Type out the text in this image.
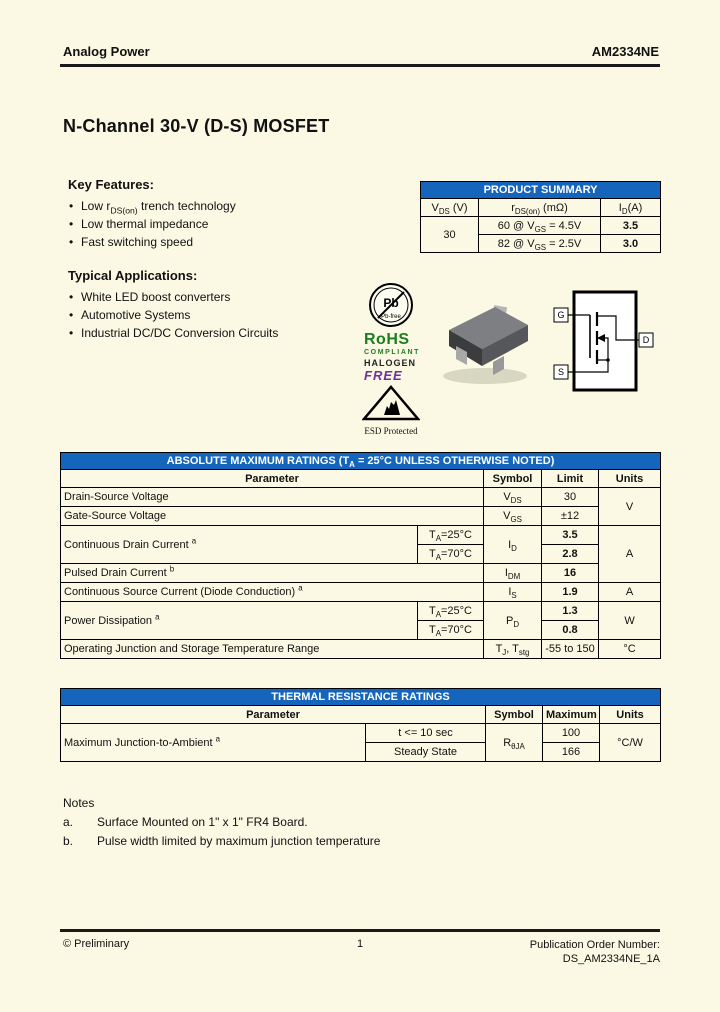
Analog Power	AM2334NE
N-Channel 30-V (D-S) MOSFET
Key Features:
• Low $r_{DS(on)}$ trench technology
• Low thermal impedance
• Fast switching speed
Typical Applications:
• White LED boost converters
• Automotive Systems
• Industrial DC/DC Conversion Circuits
PRODUCT SUMMARY		
$V_{DS}$ (V)	$r_{DS(on)}$ (mΩ)	$I_D(A)$
30	60 @ $V_{GS} = 4.5V$	3.5
	82 @ $V_{GS} = 2.5V$	3.0
Pb
Pb-free
RoHS
COMPLIANT
HALOGEN
FREE
ESD Protected
G
D
S
ABSOLUTE MAXIMUM RATINGS ($T_A = 25^\circ C$ UNLESS OTHERWISE NOTED)				
Parameter		Symbol	Limit	Units
Drain-Source Voltage		$V_{DS}$	30	V
Gate-Source Voltage		$V_{GS}$	±12	
Continuous Drain Current $^a$	$T_A=25^\circ C$	$I_D$	3.5	A
	$T_A=70^\circ C$		2.8	
Pulsed Drain Current $^b$		$I_{DM}$	16	
Continuous Source Current (Diode Conduction) $^a$		$I_S$	1.9	A
Power Dissipation $^a$	$T_A=25^\circ C$	$P_D$	1.3	W
	$T_A=70^\circ C$		0.8	
Operating Junction and Storage Temperature Range		$T_J$, $T_{stg}$	-55 to 150	°C
THERMAL RESISTANCE RATINGS				
Parameter		Symbol	Maximum	Units
Maximum Junction-to-Ambient $^a$	t <= 10 sec	$R_{\theta JA}$	100	°C/W
	Steady State		166	
Notes
a.	Surface Mounted on 1" x 1" FR4 Board.
b.	Pulse width limited by maximum junction temperature
© Preliminary	1	Publication Order Number:
DS_AM2334NE_1A
